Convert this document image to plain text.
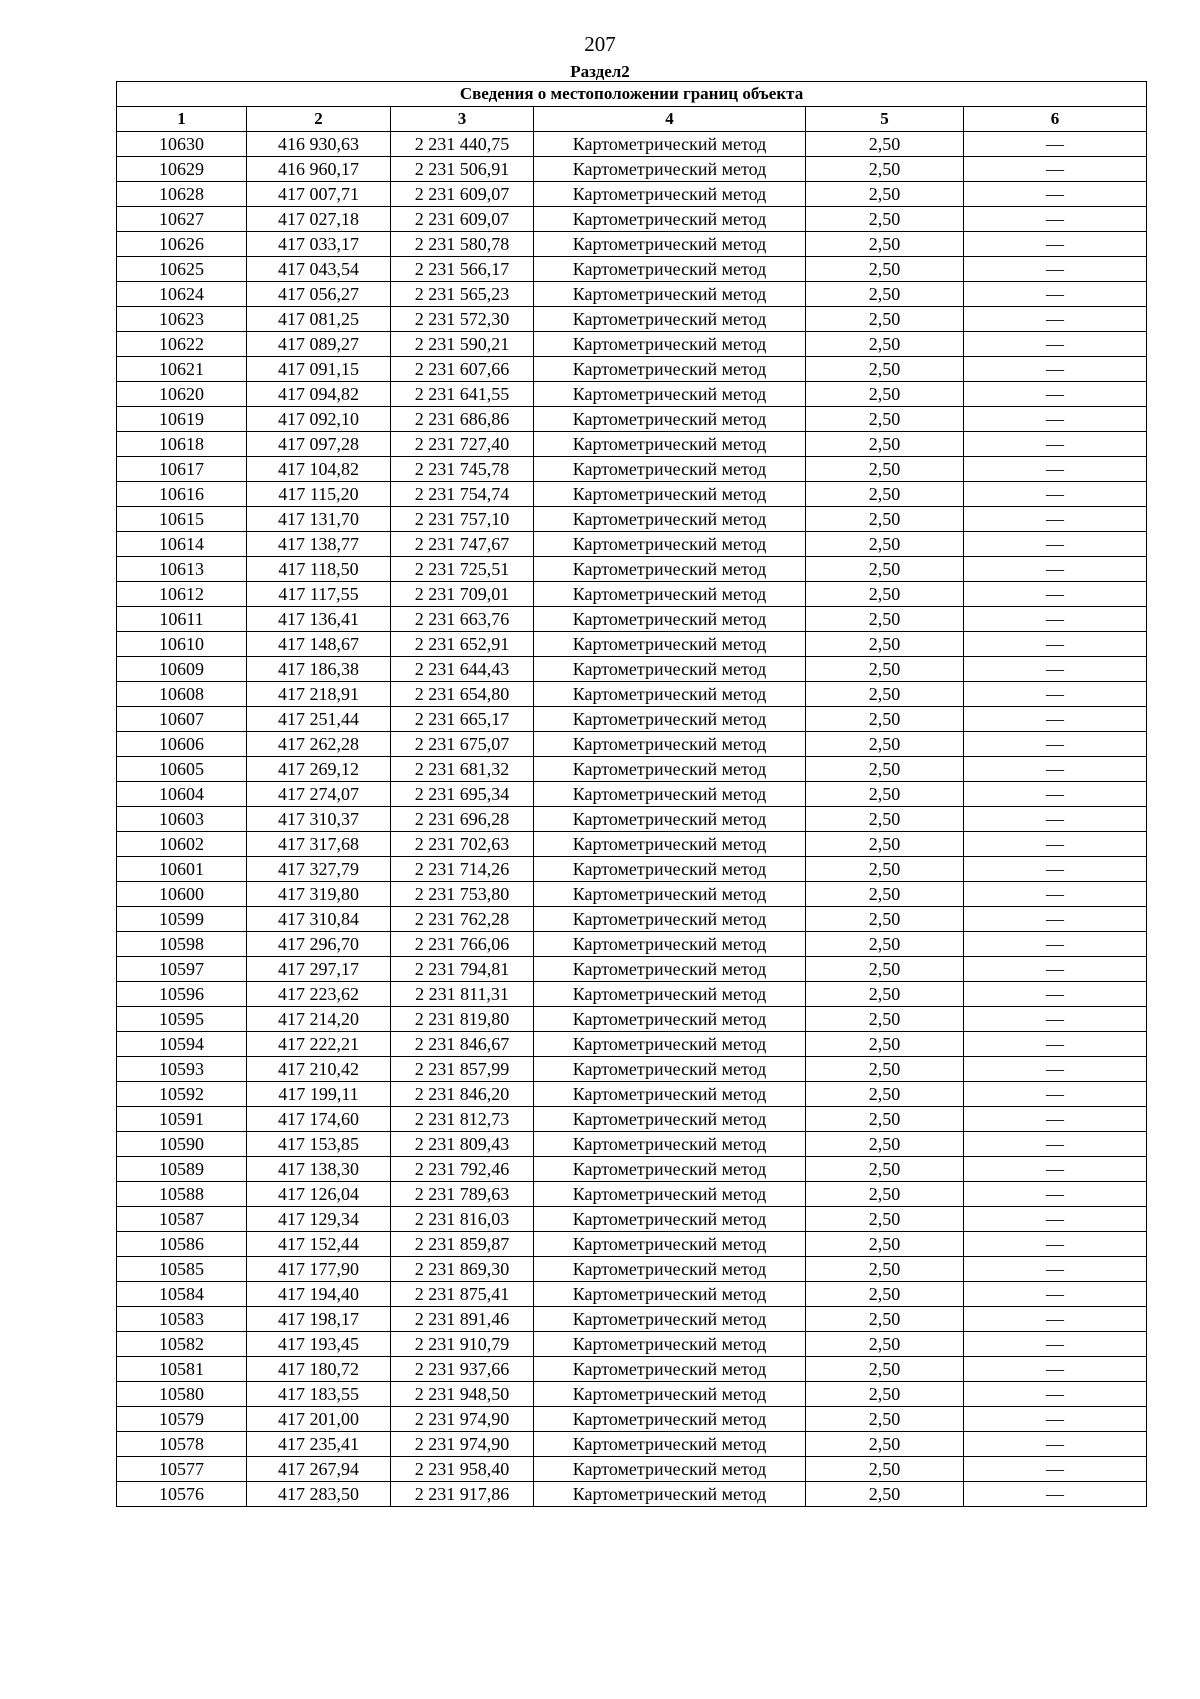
207
Раздел2
Сведения о местоположении границ объекта					
1	2	3	4	5	6
10630	416 930,63	2 231 440,75	Картометрический метод	2,50	—
10629	416 960,17	2 231 506,91	Картометрический метод	2,50	—
10628	417 007,71	2 231 609,07	Картометрический метод	2,50	—
10627	417 027,18	2 231 609,07	Картометрический метод	2,50	—
10626	417 033,17	2 231 580,78	Картометрический метод	2,50	—
10625	417 043,54	2 231 566,17	Картометрический метод	2,50	—
10624	417 056,27	2 231 565,23	Картометрический метод	2,50	—
10623	417 081,25	2 231 572,30	Картометрический метод	2,50	—
10622	417 089,27	2 231 590,21	Картометрический метод	2,50	—
10621	417 091,15	2 231 607,66	Картометрический метод	2,50	—
10620	417 094,82	2 231 641,55	Картометрический метод	2,50	—
10619	417 092,10	2 231 686,86	Картометрический метод	2,50	—
10618	417 097,28	2 231 727,40	Картометрический метод	2,50	—
10617	417 104,82	2 231 745,78	Картометрический метод	2,50	—
10616	417 115,20	2 231 754,74	Картометрический метод	2,50	—
10615	417 131,70	2 231 757,10	Картометрический метод	2,50	—
10614	417 138,77	2 231 747,67	Картометрический метод	2,50	—
10613	417 118,50	2 231 725,51	Картометрический метод	2,50	—
10612	417 117,55	2 231 709,01	Картометрический метод	2,50	—
10611	417 136,41	2 231 663,76	Картометрический метод	2,50	—
10610	417 148,67	2 231 652,91	Картометрический метод	2,50	—
10609	417 186,38	2 231 644,43	Картометрический метод	2,50	—
10608	417 218,91	2 231 654,80	Картометрический метод	2,50	—
10607	417 251,44	2 231 665,17	Картометрический метод	2,50	—
10606	417 262,28	2 231 675,07	Картометрический метод	2,50	—
10605	417 269,12	2 231 681,32	Картометрический метод	2,50	—
10604	417 274,07	2 231 695,34	Картометрический метод	2,50	—
10603	417 310,37	2 231 696,28	Картометрический метод	2,50	—
10602	417 317,68	2 231 702,63	Картометрический метод	2,50	—
10601	417 327,79	2 231 714,26	Картометрический метод	2,50	—
10600	417 319,80	2 231 753,80	Картометрический метод	2,50	—
10599	417 310,84	2 231 762,28	Картометрический метод	2,50	—
10598	417 296,70	2 231 766,06	Картометрический метод	2,50	—
10597	417 297,17	2 231 794,81	Картометрический метод	2,50	—
10596	417 223,62	2 231 811,31	Картометрический метод	2,50	—
10595	417 214,20	2 231 819,80	Картометрический метод	2,50	—
10594	417 222,21	2 231 846,67	Картометрический метод	2,50	—
10593	417 210,42	2 231 857,99	Картометрический метод	2,50	—
10592	417 199,11	2 231 846,20	Картометрический метод	2,50	—
10591	417 174,60	2 231 812,73	Картометрический метод	2,50	—
10590	417 153,85	2 231 809,43	Картометрический метод	2,50	—
10589	417 138,30	2 231 792,46	Картометрический метод	2,50	—
10588	417 126,04	2 231 789,63	Картометрический метод	2,50	—
10587	417 129,34	2 231 816,03	Картометрический метод	2,50	—
10586	417 152,44	2 231 859,87	Картометрический метод	2,50	—
10585	417 177,90	2 231 869,30	Картометрический метод	2,50	—
10584	417 194,40	2 231 875,41	Картометрический метод	2,50	—
10583	417 198,17	2 231 891,46	Картометрический метод	2,50	—
10582	417 193,45	2 231 910,79	Картометрический метод	2,50	—
10581	417 180,72	2 231 937,66	Картометрический метод	2,50	—
10580	417 183,55	2 231 948,50	Картометрический метод	2,50	—
10579	417 201,00	2 231 974,90	Картометрический метод	2,50	—
10578	417 235,41	2 231 974,90	Картометрический метод	2,50	—
10577	417 267,94	2 231 958,40	Картометрический метод	2,50	—
10576	417 283,50	2 231 917,86	Картометрический метод	2,50	—
